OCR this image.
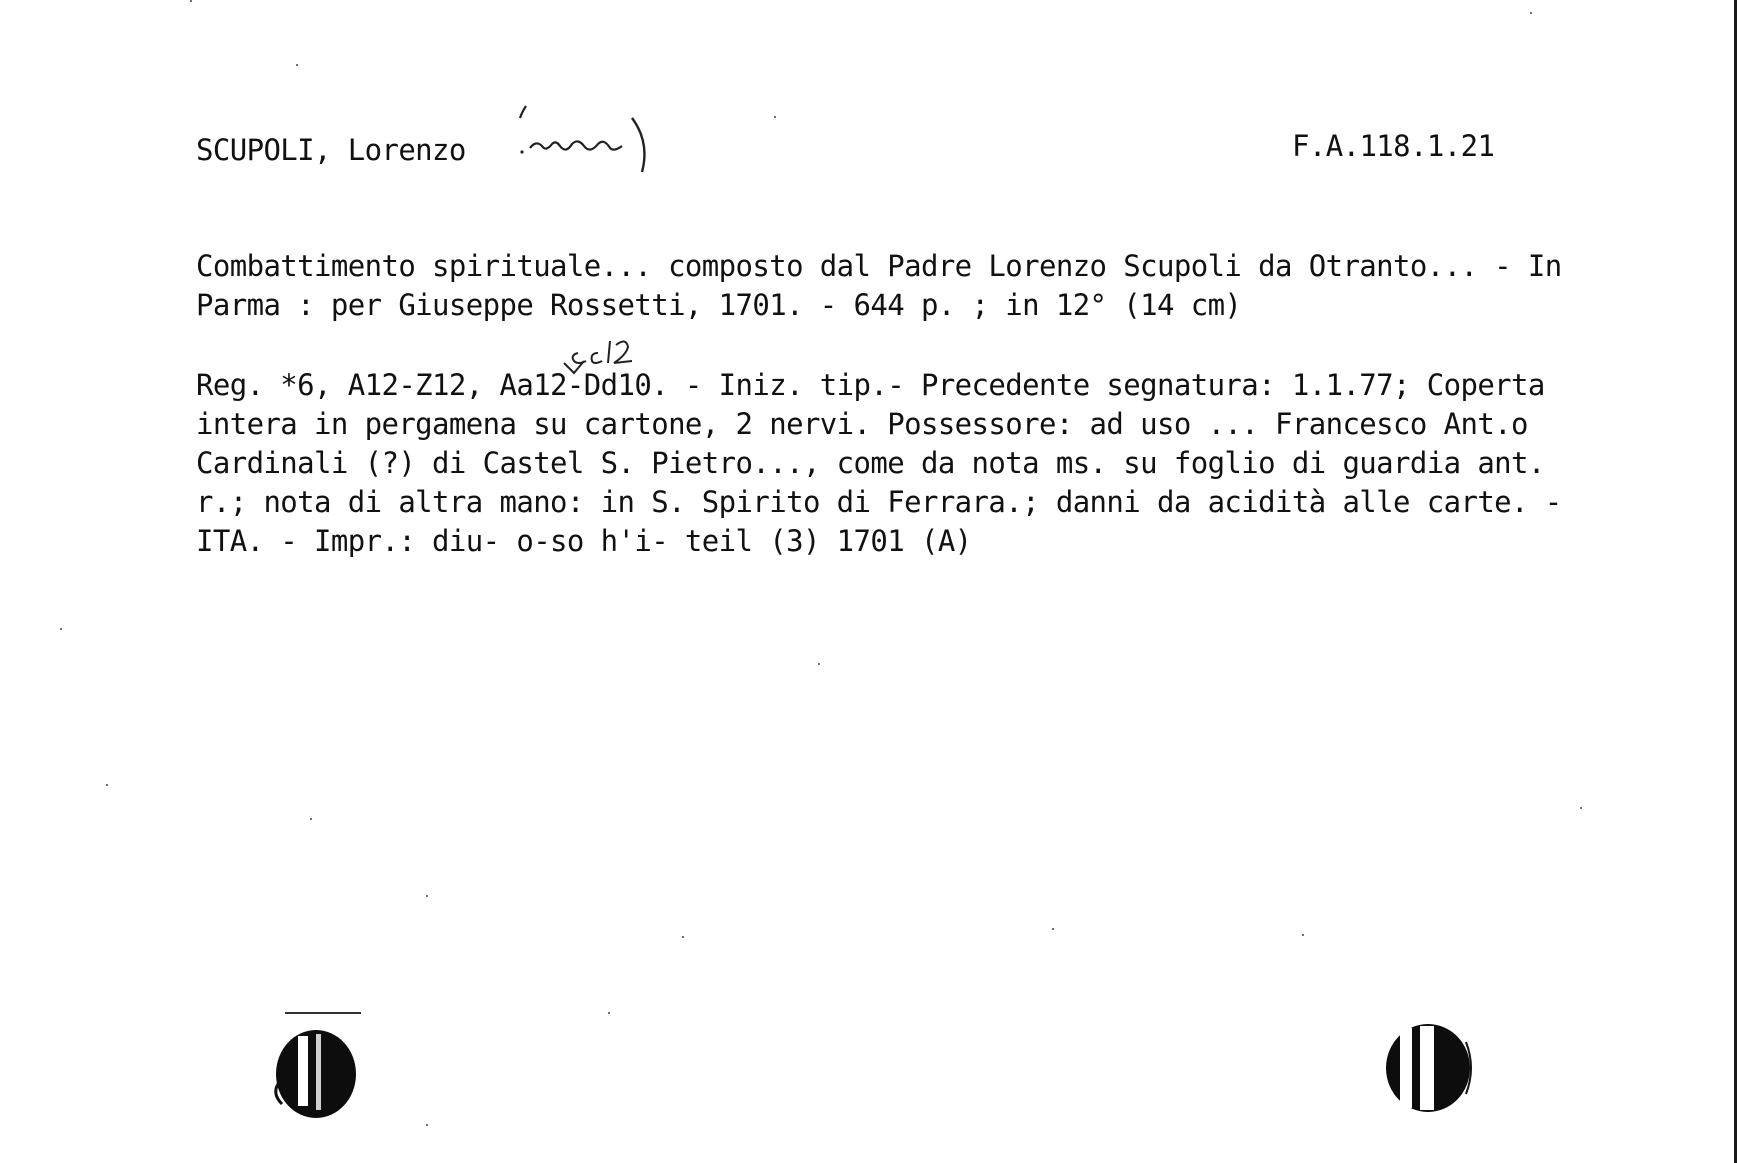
SCUPOLI, Lorenzo	F.A.118.1.21
Combattimento spirituale... composto dal Padre Lorenzo Scupoli da Otranto... - In
Parma : per Giuseppe Rossetti, 1701. - 644 p. ; in 12° (14 cm)
Reg. *6, A12-Z12, Aa12-Dd10. - Iniz. tip.- Precedente segnatura: 1.1.77; Coperta
intera in pergamena su cartone, 2 nervi. Possessore: ad uso ... Francesco Ant.o
Cardinali (?) di Castel S. Pietro..., come da nota ms. su foglio di guardia ant.
r.; nota di altra mano: in S. Spirito di Ferrara.; danni da acidità alle carte. -
ITA. - Impr.: diu- o-so h'i- teil (3) 1701 (A)
